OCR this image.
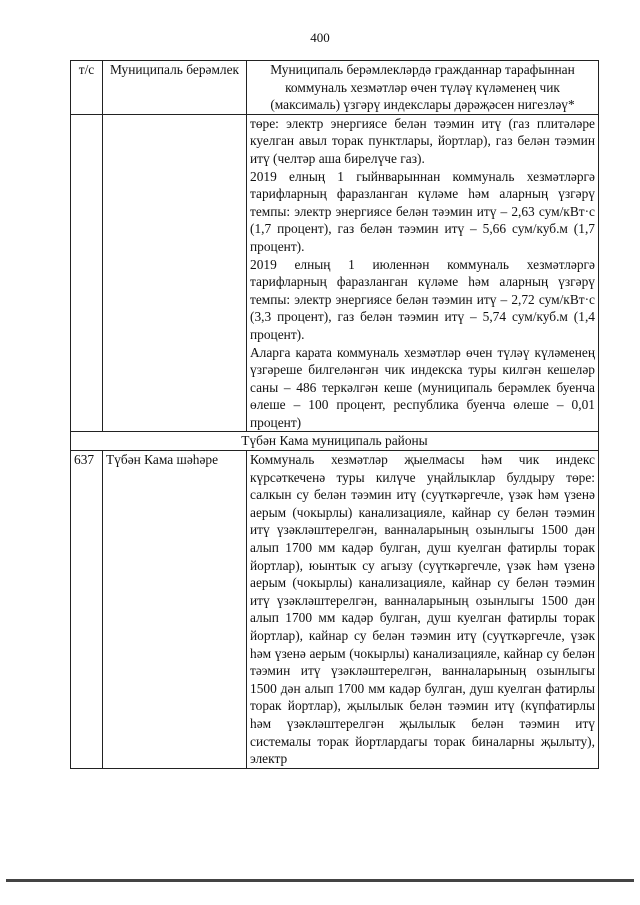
400
т/с	Муниципаль берәмлек	Муниципаль берәмлекләрдә гражданнар тарафыннан коммуналь хезмәтләр өчен түләү күләменең чик (максималь) үзгәрү индекслары дәрәҗәсен нигезләү*

		төре: электр энергиясе белән тәэмин итү (газ плитәләре куелган авыл торак пунктлары, йортлар), газ белән тәэмин итү (челтәр аша бирелүче газ).

2019 елның 1 гыйнварыннан коммуналь хезмәтләргә тарифларның фаразланган күләме һәм аларның үзгәрү темпы: электр энергиясе белән тәэмин итү – 2,63 сум/кВт·с (1,7 процент), газ белән тәэмин итү – 5,66 сум/куб.м (1,7 процент).

2019 елның 1 июленнән коммуналь хезмәтләргә тарифларның фаразланган күләме һәм аларның үзгәрү темпы: электр энергиясе белән тәэмин итү – 2,72 сум/кВт·с (3,3 процент), газ белән тәэмин итү – 5,74 сум/куб.м (1,4 процент).

Аларга карата коммуналь хезмәтләр өчен түләү күләменең үзгәреше билгеләнгән чик индекска туры килгән кешеләр саны – 486 теркәлгән кеше (муниципаль берәмлек буенча өлеше – 100 процент, республика буенча өлеше – 0,01 процент)

Түбән Кама муниципаль районы		
637	Түбән Кама шәһәре	Коммуналь хезмәтләр җыелмасы һәм чик индекс күрсәткеченә туры килүче уңайлыклар булдыру төре: салкын су белән тәэмин итү (суүткәргечле, үзәк һәм үзенә аерым (чокырлы) канализацияле, кайнар су белән тәэмин итү үзәкләштерелгән, ванналарының озынлыгы 1500 дән алып 1700 мм кадәр булган, душ куелган фатирлы торак йортлар), юынтык су агызу (суүткәргечле, үзәк һәм үзенә аерым (чокырлы) канализацияле, кайнар су белән тәэмин итү үзәкләштерелгән, ванналарының озынлыгы 1500 дән алып 1700 мм кадәр булган, душ куелган фатирлы торак йортлар), кайнар су белән тәэмин итү (суүткәргечле, үзәк һәм үзенә аерым (чокырлы) канализацияле, кайнар су белән тәэмин итү үзәкләштерелгән, ванналарының озынлыгы 1500 дән алып 1700 мм кадәр булган, душ куелган фатирлы торак йортлар), җылылык белән тәэмин итү (күпфатирлы һәм үзәкләштерелгән җылылык белән тәэмин итү системалы торак йортлардагы торак биналарны җылыту), электр
